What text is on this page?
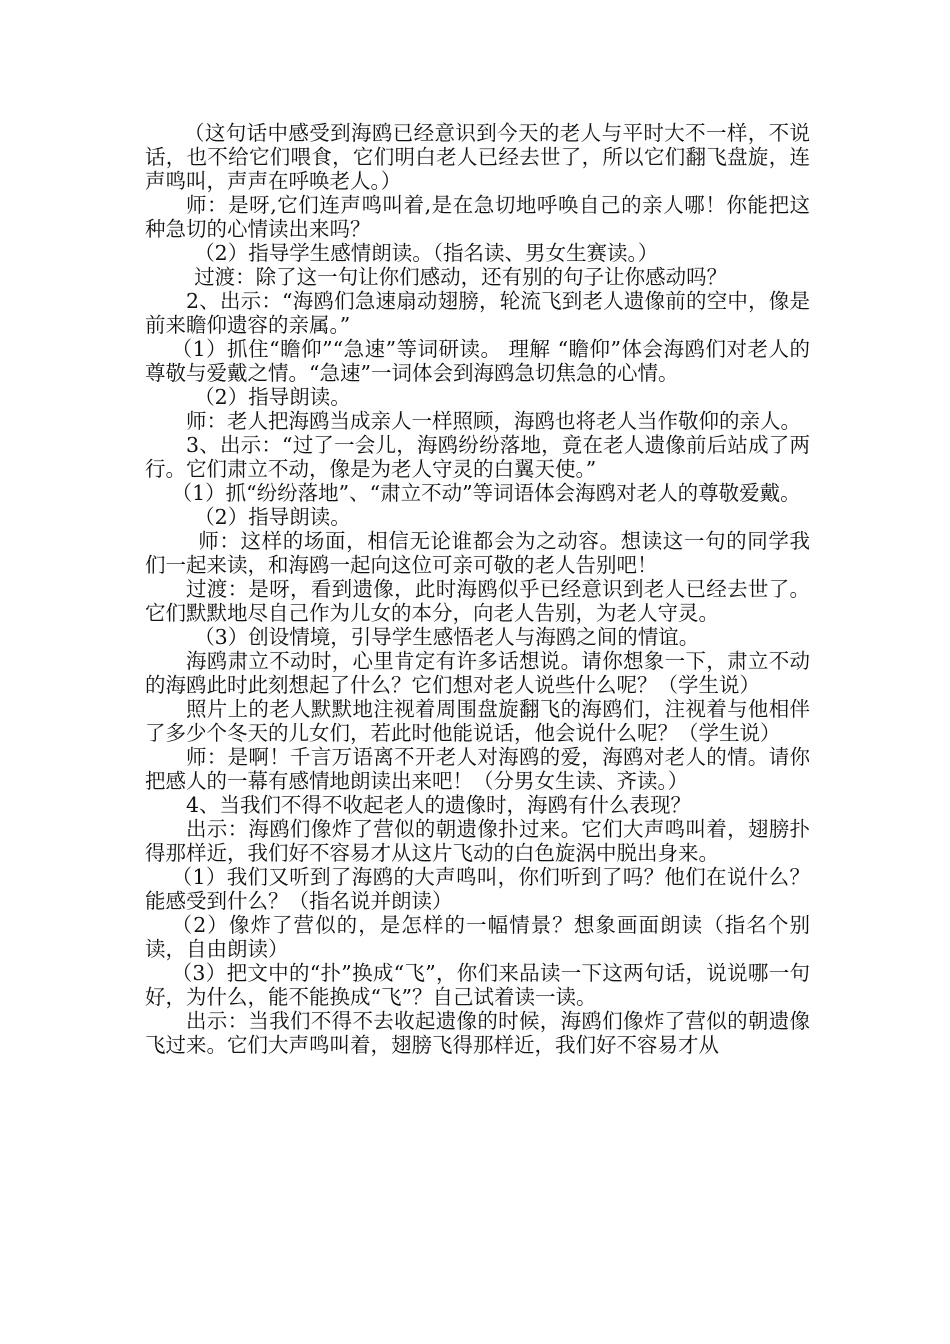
（这句话中感受到海鸥已经意识到今天的老人与平时大不一样，不说话，也不给它们喂食，它们明白老人已经去世了，所以它们翻飞盘旋，连声鸣叫，声声在呼唤老人。）

师：是呀,它们连声鸣叫着,是在急切地呼唤自己的亲人哪！你能把这种急切的心情读出来吗？

（2）指导学生感情朗读。（指名读、男女生赛读。）

过渡：除了这一句让你们感动，还有别的句子让你感动吗？

2、出示：“海鸥们急速扇动翅膀，轮流飞到老人遗像前的空中，像是前来瞻仰遗容的亲属。”

（1）抓住“瞻仰”“急速”等词研读。 理解 “瞻仰”体会海鸥们对老人的尊敬与爱戴之情。“急速”一词体会到海鸥急切焦急的心情。

（2）指导朗读。

师：老人把海鸥当成亲人一样照顾，海鸥也将老人当作敬仰的亲人。

3、出示：“过了一会儿，海鸥纷纷落地，竟在老人遗像前后站成了两行。它们肃立不动，像是为老人守灵的白翼天使。”

（1）抓“纷纷落地”、“肃立不动”等词语体会海鸥对老人的尊敬爱戴。

（2）指导朗读。

师：这样的场面，相信无论谁都会为之动容。想读这一句的同学我们一起来读，和海鸥一起向这位可亲可敬的老人告别吧！

过渡：是呀，看到遗像，此时海鸥似乎已经意识到老人已经去世了。它们默默地尽自己作为儿女的本分，向老人告别，为老人守灵。

（3）创设情境，引导学生感悟老人与海鸥之间的情谊。

海鸥肃立不动时，心里肯定有许多话想说。请你想象一下，肃立不动的海鸥此时此刻想起了什么？它们想对老人说些什么呢？（学生说）

照片上的老人默默地注视着周围盘旋翻飞的海鸥们，注视着与他相伴了多少个冬天的儿女们，若此时他能说话，他会说什么呢？（学生说）

师：是啊！千言万语离不开老人对海鸥的爱，海鸥对老人的情。请你把感人的一幕有感情地朗读出来吧！（分男女生读、齐读。）

4、当我们不得不收起老人的遗像时，海鸥有什么表现？

出示：海鸥们像炸了营似的朝遗像扑过来。它们大声鸣叫着，翅膀扑得那样近，我们好不容易才从这片飞动的白色旋涡中脱出身来。

（1）我们又听到了海鸥的大声鸣叫，你们听到了吗？他们在说什么？能感受到什么？（指名说并朗读）

（2）像炸了营似的，是怎样的一幅情景？想象画面朗读（指名个别读，自由朗读）

（3）把文中的“扑”换成“飞”，你们来品读一下这两句话，说说哪一句好，为什么，能不能换成“飞”？自己试着读一读。

出示：当我们不得不去收起遗像的时候，海鸥们像炸了营似的朝遗像飞过来。它们大声鸣叫着，翅膀飞得那样近，我们好不容易才从
